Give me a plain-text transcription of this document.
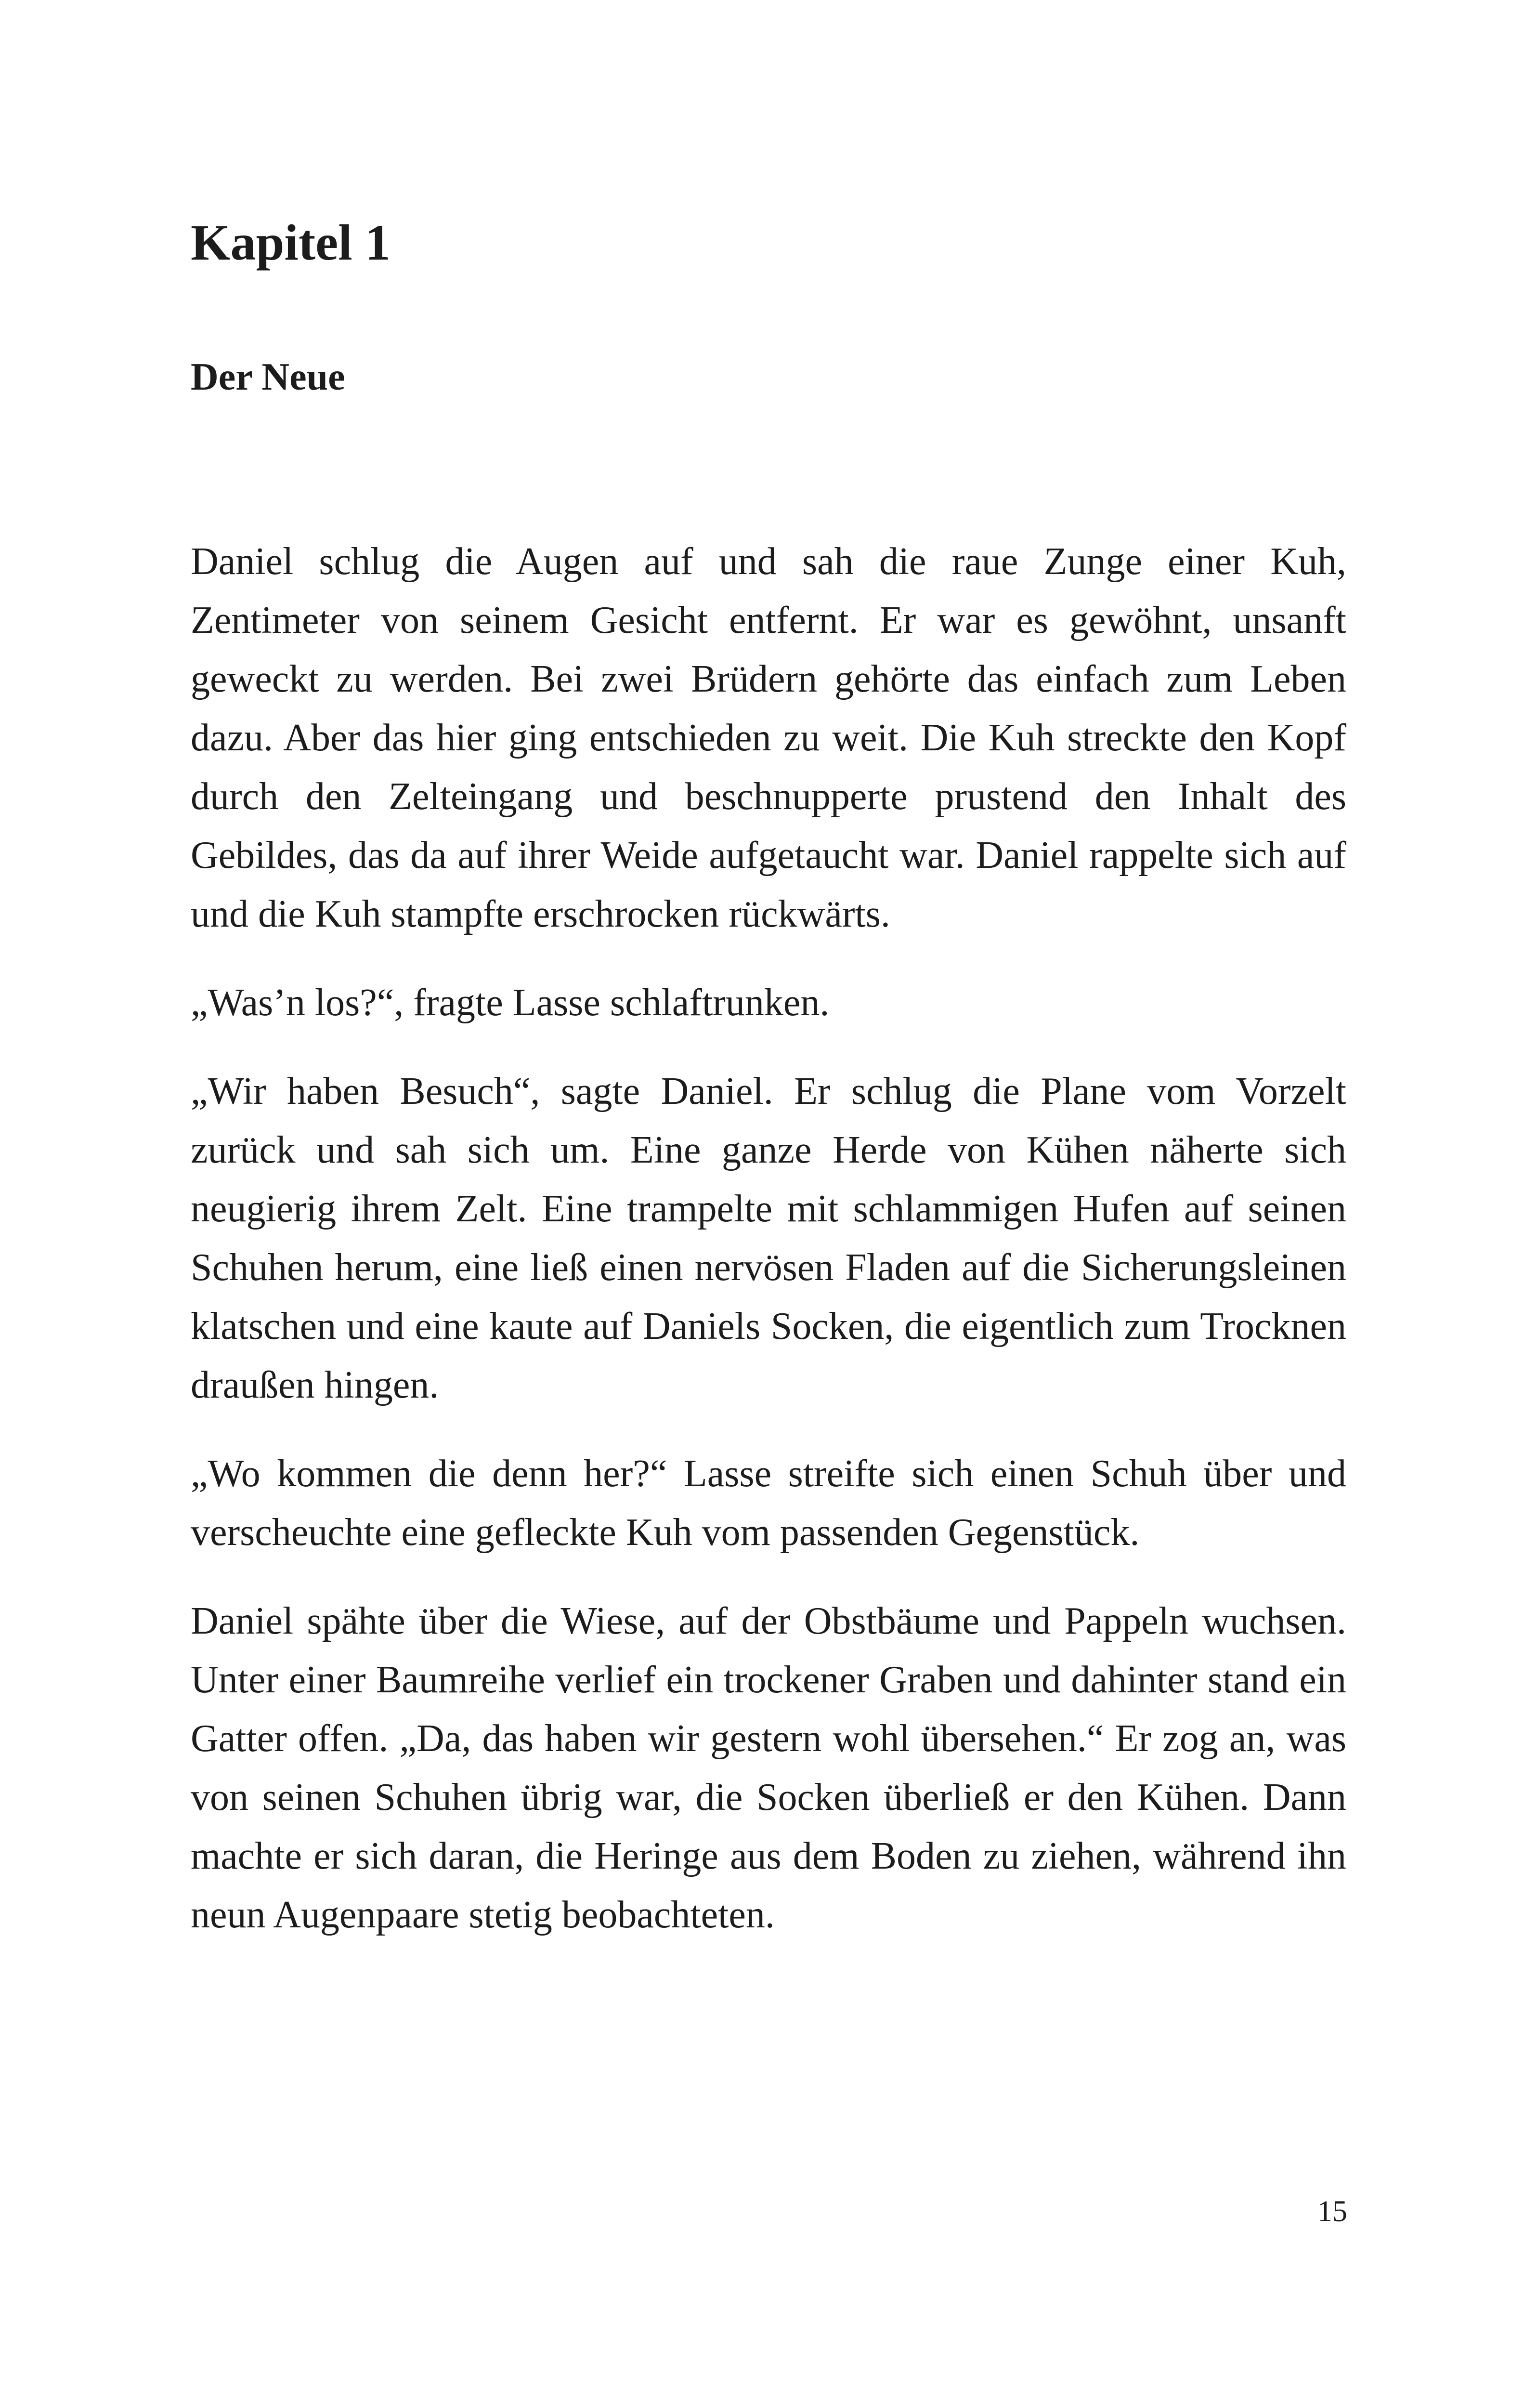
Kapitel 1
Der Neue

Daniel schlug die Augen auf und sah die raue Zunge einer Kuh, Zentimeter von seinem Gesicht entfernt. Er war es gewöhnt, unsanft geweckt zu werden. Bei zwei Brüdern gehörte das einfach zum Leben dazu. Aber das hier ging entschieden zu weit. Die Kuh streckte den Kopf durch den Zelteingang und beschnupperte prustend den Inhalt des Gebildes, das da auf ihrer Weide aufgetaucht war. Daniel rappelte sich auf und die Kuh stampfte erschrocken rückwärts.

„Was’n los?“, fragte Lasse schlaftrunken.

„Wir haben Besuch“, sagte Daniel. Er schlug die Plane vom Vorzelt zurück und sah sich um. Eine ganze Herde von Kühen näherte sich neugierig ihrem Zelt. Eine trampelte mit schlammigen Hufen auf seinen Schuhen herum, eine ließ einen nervösen Fladen auf die Sicherungsleinen klatschen und eine kaute auf Daniels Socken, die eigentlich zum Trocknen draußen hingen.

„Wo kommen die denn her?“ Lasse streifte sich einen Schuh über und verscheuchte eine gefleckte Kuh vom passenden Gegenstück.

Daniel spähte über die Wiese, auf der Obstbäume und Pappeln wuchsen. Unter einer Baumreihe verlief ein trockener Graben und dahinter stand ein Gatter offen. „Da, das haben wir gestern wohl übersehen.“ Er zog an, was von seinen Schuhen übrig war, die Socken überließ er den Kühen. Dann machte er sich daran, die Heringe aus dem Boden zu ziehen, während ihn neun Augenpaare stetig beobachteten.

15
